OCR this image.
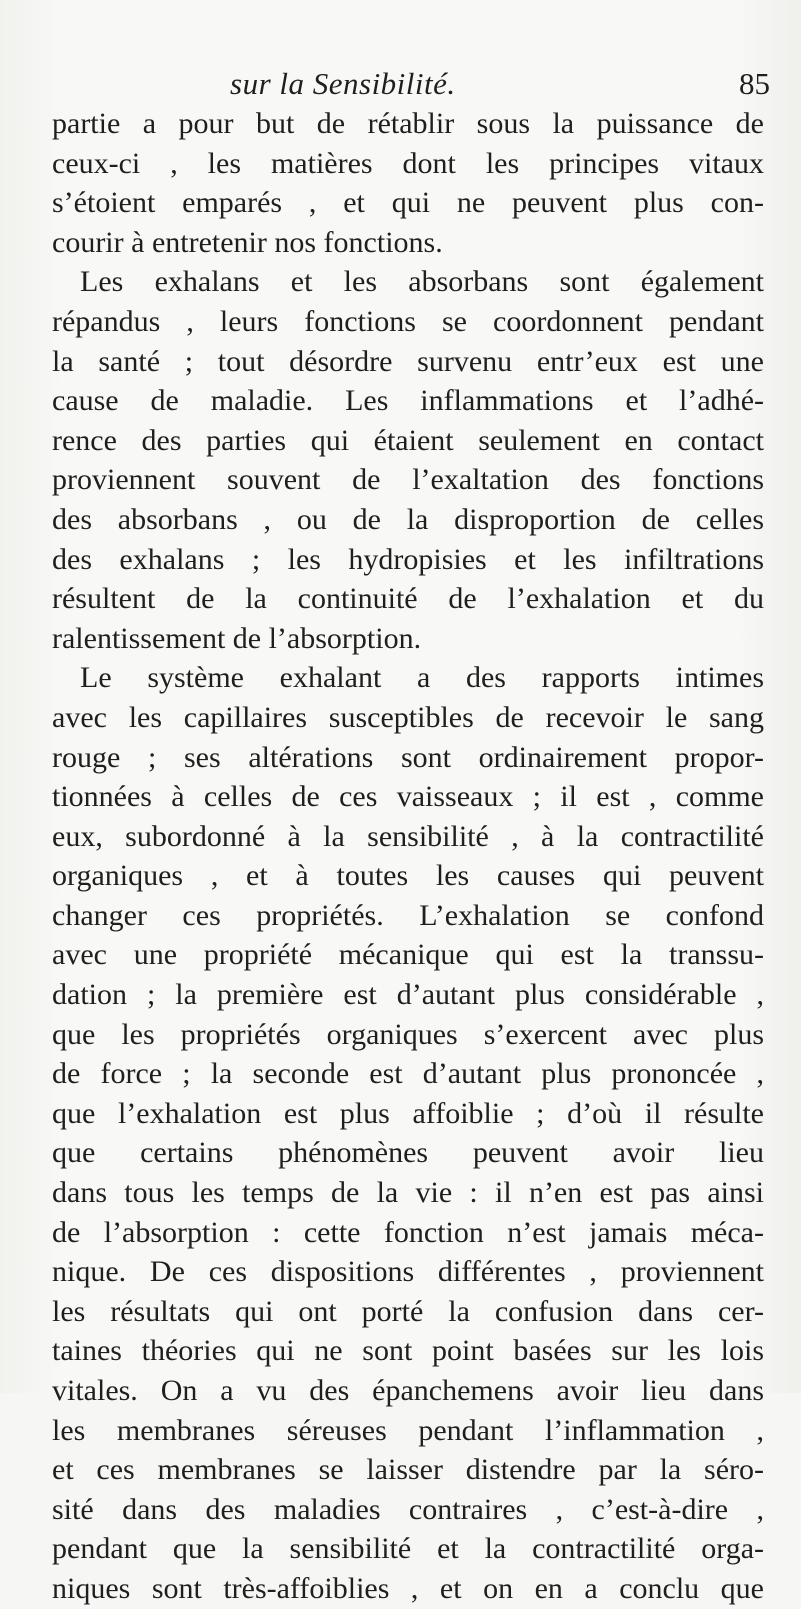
sur la Sensibilité.	85
partie a pour but de rétablir sous la puissance de
ceux-ci , les matières dont les principes vitaux
s’étoient emparés , et qui ne peuvent plus con-
courir à entretenir nos fonctions.
Les exhalans et les absorbans sont également
répandus , leurs fonctions se coordonnent pendant
la santé ; tout désordre survenu entr’eux est une
cause de maladie. Les inflammations et l’adhé-
rence des parties qui étaient seulement en contact
proviennent souvent de l’exaltation des fonctions
des absorbans , ou de la disproportion de celles
des exhalans ; les hydropisies et les infiltrations
résultent de la continuité de l’exhalation et du
ralentissement de l’absorption.
Le système exhalant a des rapports intimes
avec les capillaires susceptibles de recevoir le sang
rouge ; ses altérations sont ordinairement propor-
tionnées à celles de ces vaisseaux ; il est , comme
eux, subordonné à la sensibilité , à la contractilité
organiques , et à toutes les causes qui peuvent
changer ces propriétés. L’exhalation se confond
avec une propriété mécanique qui est la transsu-
dation ; la première est d’autant plus considérable ,
que les propriétés organiques s’exercent avec plus
de force ; la seconde est d’autant plus prononcée ,
que l’exhalation est plus affoiblie ; d’où il résulte
que certains phénomènes peuvent avoir lieu
dans tous les temps de la vie : il n’en est pas ainsi
de l’absorption : cette fonction n’est jamais méca-
nique. De ces dispositions différentes , proviennent
les résultats qui ont porté la confusion dans cer-
taines théories qui ne sont point basées sur les lois
vitales. On a vu des épanchemens avoir lieu dans
les membranes séreuses pendant l’inflammation ,
et ces membranes se laisser distendre par la séro-
sité dans des maladies contraires , c’est-à-dire ,
pendant que la sensibilité et la contractilité orga-
niques sont très-affoiblies , et on en a conclu que
